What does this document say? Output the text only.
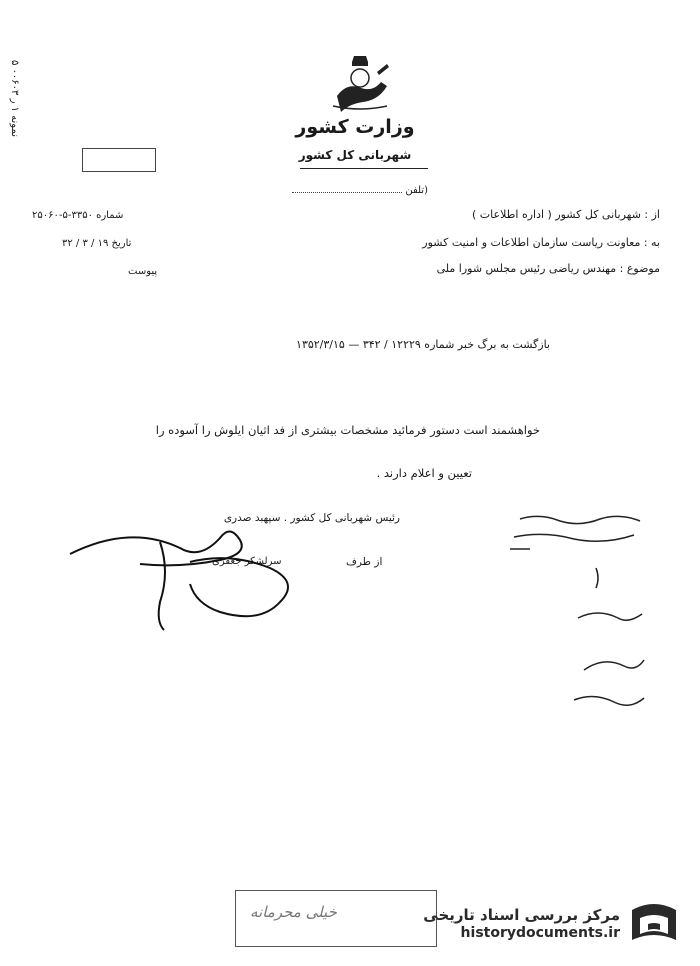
وزارت کشور
شهربانی کل کشور
(تلفن
نمونه ۱ ر ۰۰۶۰۳ ۵
شماره ۳۳۵۰-۵-۲۵۰۶۰
تاریخ ۱۹ / ۳ / ۳۲
پیوست
از : شهربانی کل کشور ( اداره اطلاعات )
به : معاونت ریاست سازمان اطلاعات و امنیت کشور
موضوع : مهندس ریاضی رئیس مجلس شورا ملی
بازگشت به برگ خبر شماره ۱۲۲۲۹ / ۳۴۲ — ۱۳۵۲/۳/۱۵
خواهشمند است دستور فرمائید مشخصات بیشتری از فد اثیان ایلوش را آسوده را
تعیین و اعلام دارند .
رئیس شهربانی کل کشور . سپهبد صدری
از طرف
سرلشکر جعفری
خیلی محرمانه	مرکز بررسی اسناد تاریخی
historydocuments.ir
